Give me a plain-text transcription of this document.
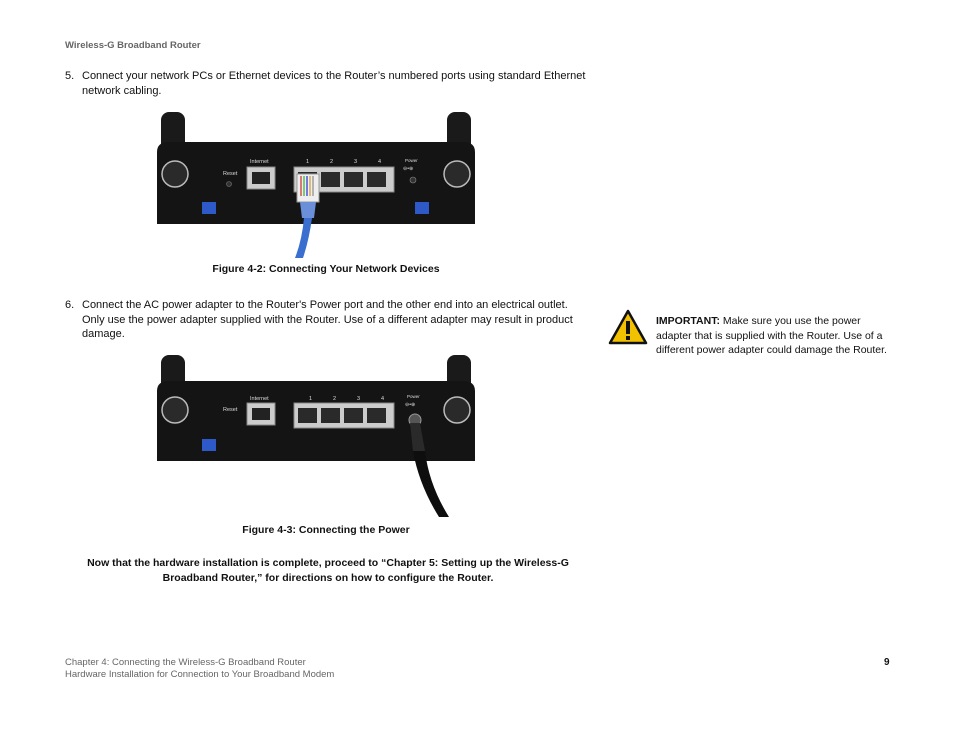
Wireless-G Broadband Router
5. Connect your network PCs or Ethernet devices to the Router’s numbered ports using standard Ethernet network cabling.
Reset
Internet	1	2	3	4	Power
⊖•⊕
Figure 4-2: Connecting Your Network Devices
6. Connect the AC power adapter to the Router's Power port and the other end into an electrical outlet. Only use the power adapter supplied with the Router. Use of a different adapter may result in product damage.
Reset
Internet	1	2	3	4	Power
⊖•⊕
Figure 4-3: Connecting the Power
Now that the hardware installation is complete, proceed to “Chapter 5: Setting up the Wireless-G Broadband Router,” for directions on how to configure the Router.
IMPORTANT: Make sure you use the power adapter that is supplied with the Router. Use of a different power adapter could damage the Router.
Chapter 4: Connecting the Wireless-G Broadband Router
Hardware Installation for Connection to Your Broadband Modem
9
